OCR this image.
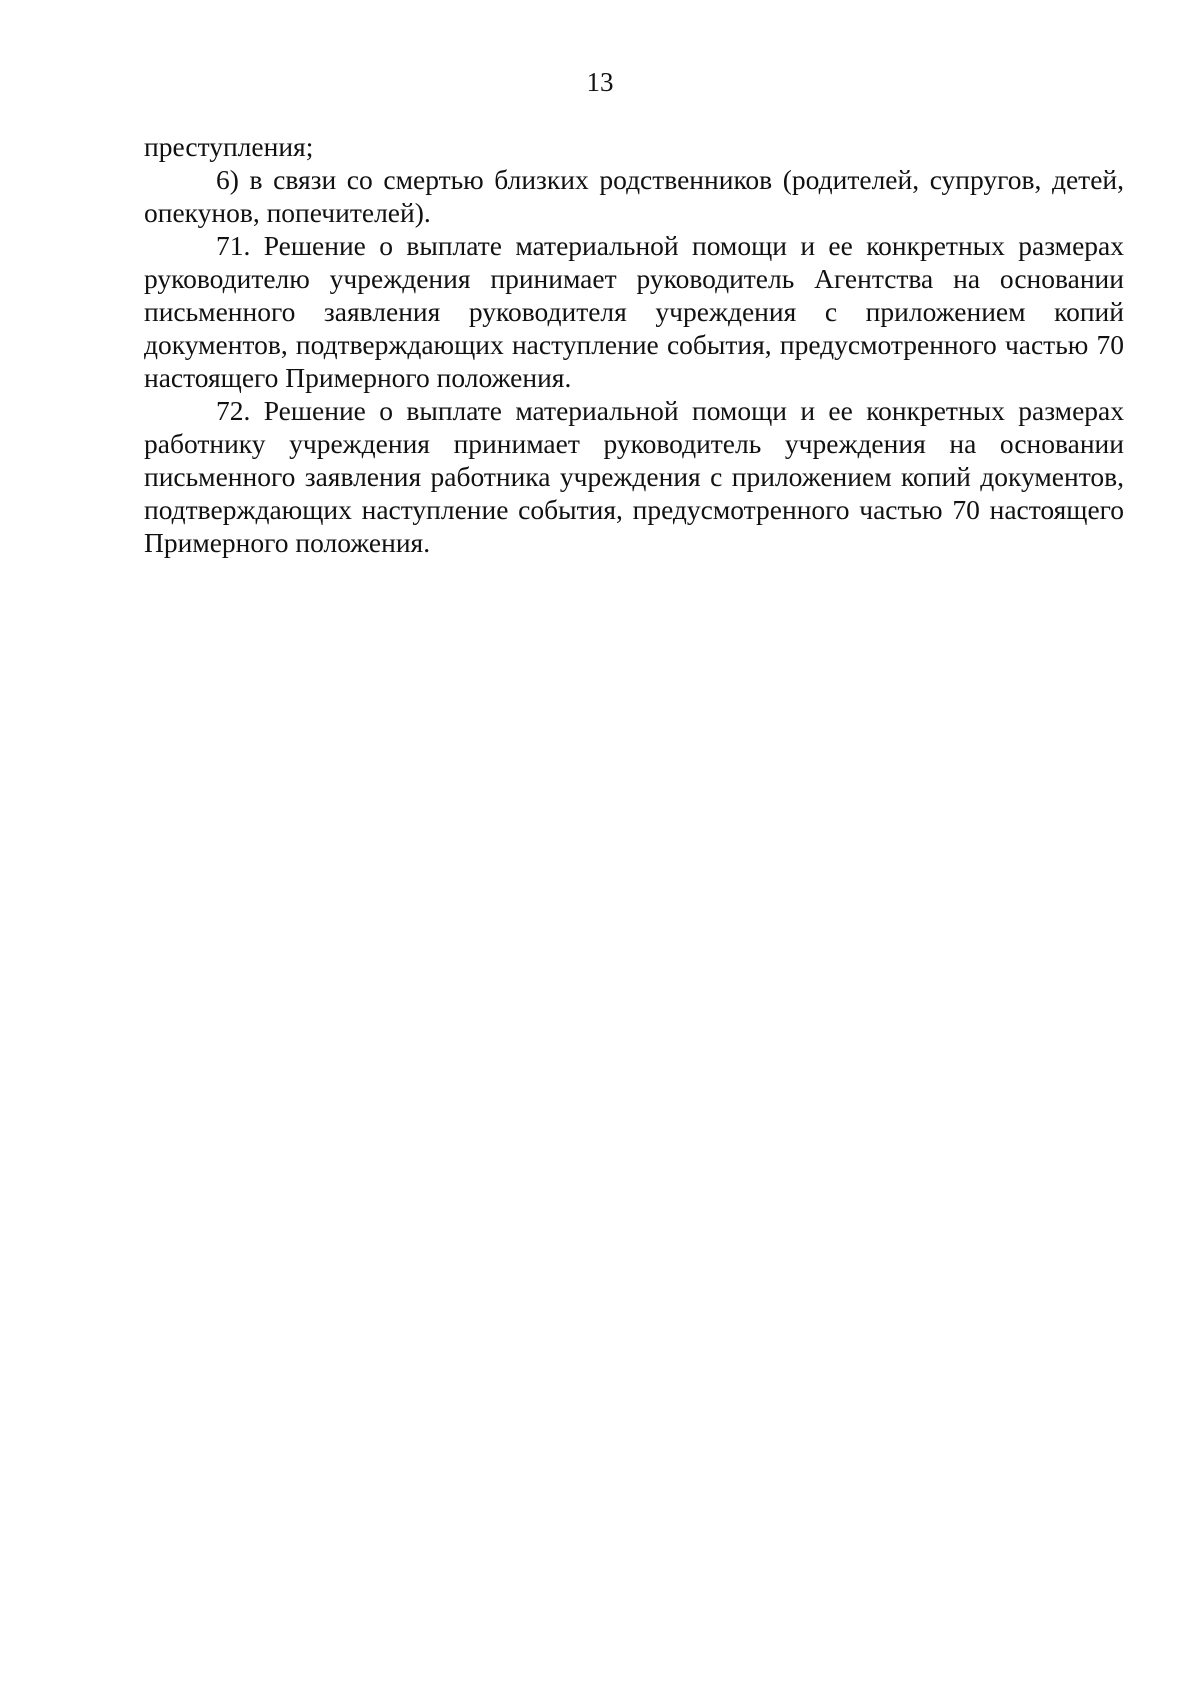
13

преступления;

6) в связи со смертью близких родственников (родителей, супругов, детей, опекунов, попечителей).

71. Решение о выплате материальной помощи и ее конкретных размерах руководителю учреждения принимает руководитель Агентства на основании письменного заявления руководителя учреждения с приложением копий документов, подтверждающих наступление события, предусмотренного частью 70 настоящего Примерного положения.

72. Решение о выплате материальной помощи и ее конкретных размерах работнику учреждения принимает руководитель учреждения на основании письменного заявления работника учреждения с приложением копий документов, подтверждающих наступление события, предусмотренного частью 70 настоящего Примерного положения.
